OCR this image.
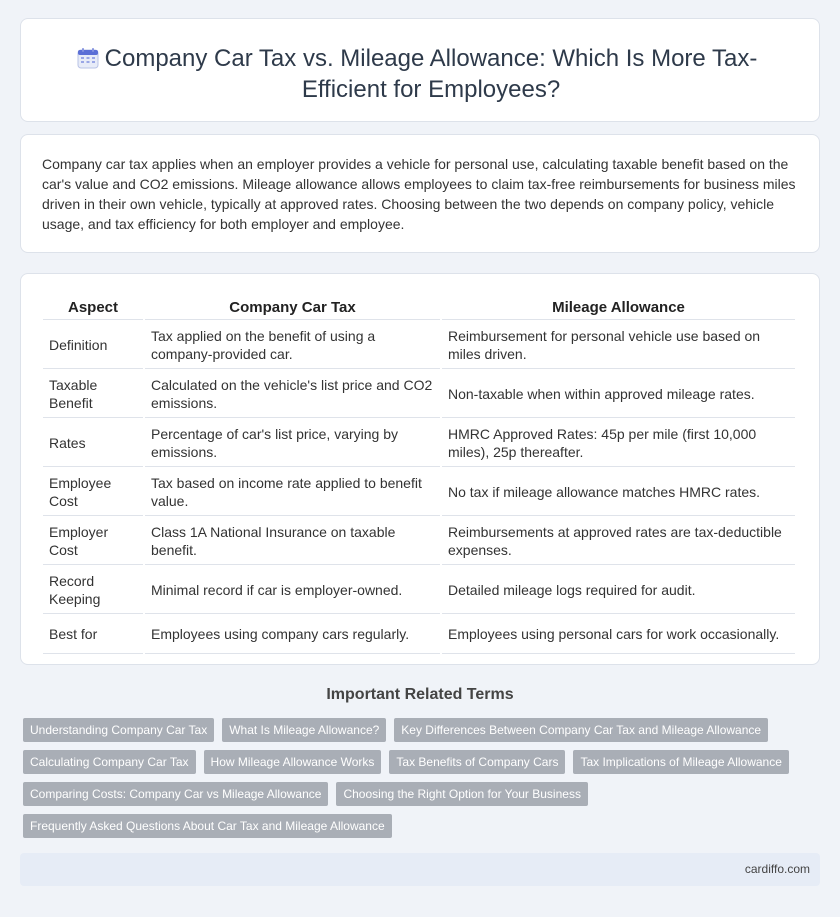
Company Car Tax vs. Mileage Allowance: Which Is More Tax-Efficient for Employees?

Company car tax applies when an employer provides a vehicle for personal use, calculating taxable benefit based on the car's value and CO2 emissions. Mileage allowance allows employees to claim tax-free reimbursements for business miles driven in their own vehicle, typically at approved rates. Choosing between the two depends on company policy, vehicle usage, and tax efficiency for both employer and employee.

Aspect	Company Car Tax	Mileage Allowance
Definition	Tax applied on the benefit of using a company-provided car.	Reimbursement for personal vehicle use based on miles driven.
Taxable Benefit	Calculated on the vehicle's list price and CO2 emissions.	Non-taxable when within approved mileage rates.
Rates	Percentage of car's list price, varying by emissions.	HMRC Approved Rates: 45p per mile (first 10,000 miles), 25p thereafter.
Employee Cost	Tax based on income rate applied to benefit value.	No tax if mileage allowance matches HMRC rates.
Employer Cost	Class 1A National Insurance on taxable benefit.	Reimbursements at approved rates are tax-deductible expenses.
Record Keeping	Minimal record if car is employer-owned.	Detailed mileage logs required for audit.
Best for	Employees using company cars regularly.	Employees using personal cars for work occasionally.
Important Related Terms
Understanding Company Car Tax	What Is Mileage Allowance?	Key Differences Between Company Car Tax and Mileage Allowance
Calculating Company Car Tax	How Mileage Allowance Works	Tax Benefits of Company Cars	Tax Implications of Mileage Allowance
Comparing Costs: Company Car vs Mileage Allowance	Choosing the Right Option for Your Business
Frequently Asked Questions About Car Tax and Mileage Allowance
cardiffo.com
